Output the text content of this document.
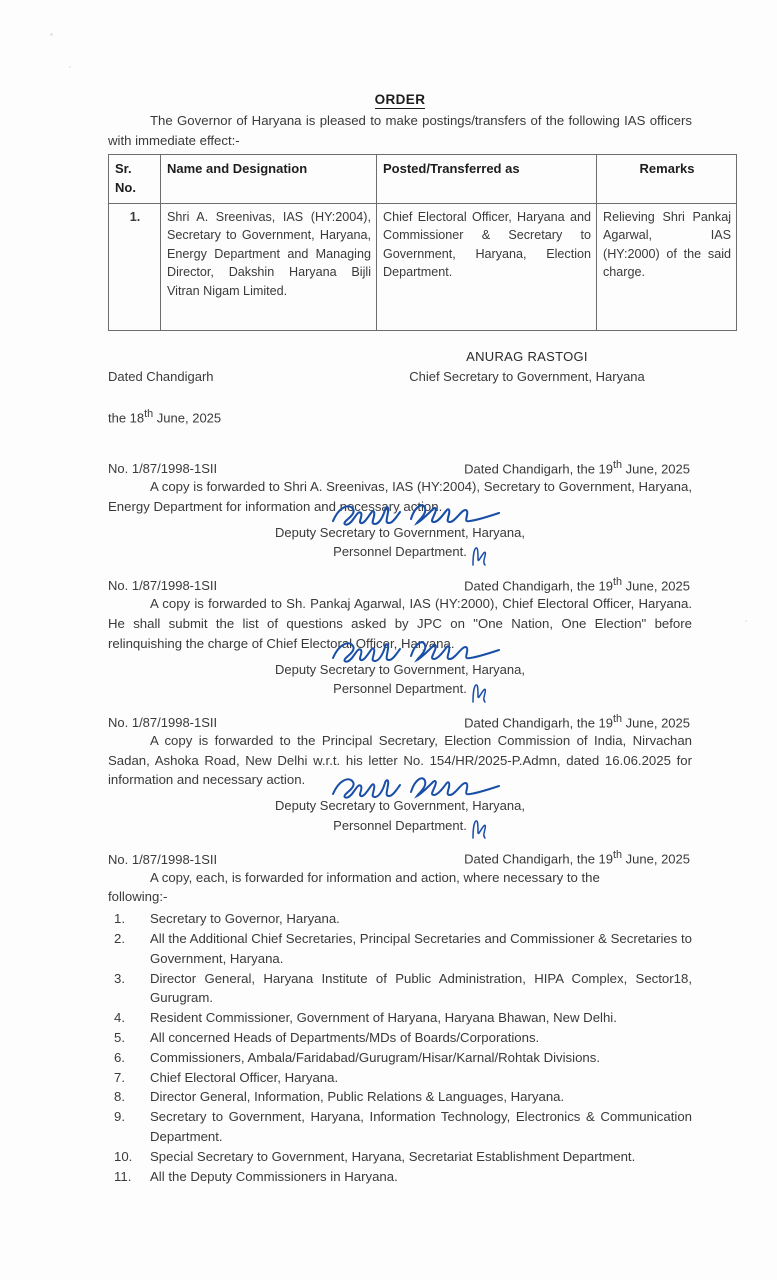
ORDER

The Governor of Haryana is pleased to make postings/transfers of the following IAS officers with immediate effect:-

Sr. No.	Name and Designation	Posted/Transferred as	Remarks
1.	Shri A. Sreenivas, IAS (HY:2004), Secretary to Government, Haryana, Energy Department and Managing Director, Dakshin Haryana Bijli Vitran Nigam Limited.	Chief Electoral Officer, Haryana and Commissioner & Secretary to Government, Haryana, Election Department.	Relieving Shri Pankaj Agarwal, IAS (HY:2000) of the said charge.

Dated Chandigarh

the 18th June, 2025

ANURAG RASTOGI
Chief Secretary to Government, Haryana
No. 1/87/1998-1SII	Dated Chandigarh, the 19th June, 2025

A copy is forwarded to Shri A. Sreenivas, IAS (HY:2004), Secretary to Government, Haryana, Energy Department for information and necessary action.

Deputy Secretary to Government, Haryana,
Personnel Department.
No. 1/87/1998-1SII	Dated Chandigarh, the 19th June, 2025

A copy is forwarded to Sh. Pankaj Agarwal, IAS (HY:2000), Chief Electoral Officer, Haryana. He shall submit the list of questions asked by JPC on "One Nation, One Election" before relinquishing the charge of Chief Electoral Officer, Haryana.

Deputy Secretary to Government, Haryana,
Personnel Department.
No. 1/87/1998-1SII	Dated Chandigarh, the 19th June, 2025

A copy is forwarded to the Principal Secretary, Election Commission of India, Nirvachan Sadan, Ashoka Road, New Delhi w.r.t. his letter No. 154/HR/2025-P.Admn, dated 16.06.2025 for information and necessary action.

Deputy Secretary to Government, Haryana,
Personnel Department.
No. 1/87/1998-1SII	Dated Chandigarh, the 19th June, 2025

A copy, each, is forwarded for information and action, where necessary to the

following:-

1.	Secretary to Governor, Haryana.
2.	All the Additional Chief Secretaries, Principal Secretaries and Commissioner & Secretaries to Government, Haryana.
3.	Director General, Haryana Institute of Public Administration, HIPA Complex, Sector18, Gurugram.
4.	Resident Commissioner, Government of Haryana, Haryana Bhawan, New Delhi.
5.	All concerned Heads of Departments/MDs of Boards/Corporations.
6.	Commissioners, Ambala/Faridabad/Gurugram/Hisar/Karnal/Rohtak Divisions.
7.	Chief Electoral Officer, Haryana.
8.	Director General, Information, Public Relations & Languages, Haryana.
9.	Secretary to Government, Haryana, Information Technology, Electronics & Communication Department.
10.	Special Secretary to Government, Haryana, Secretariat Establishment Department.
11.	All the Deputy Commissioners in Haryana.
